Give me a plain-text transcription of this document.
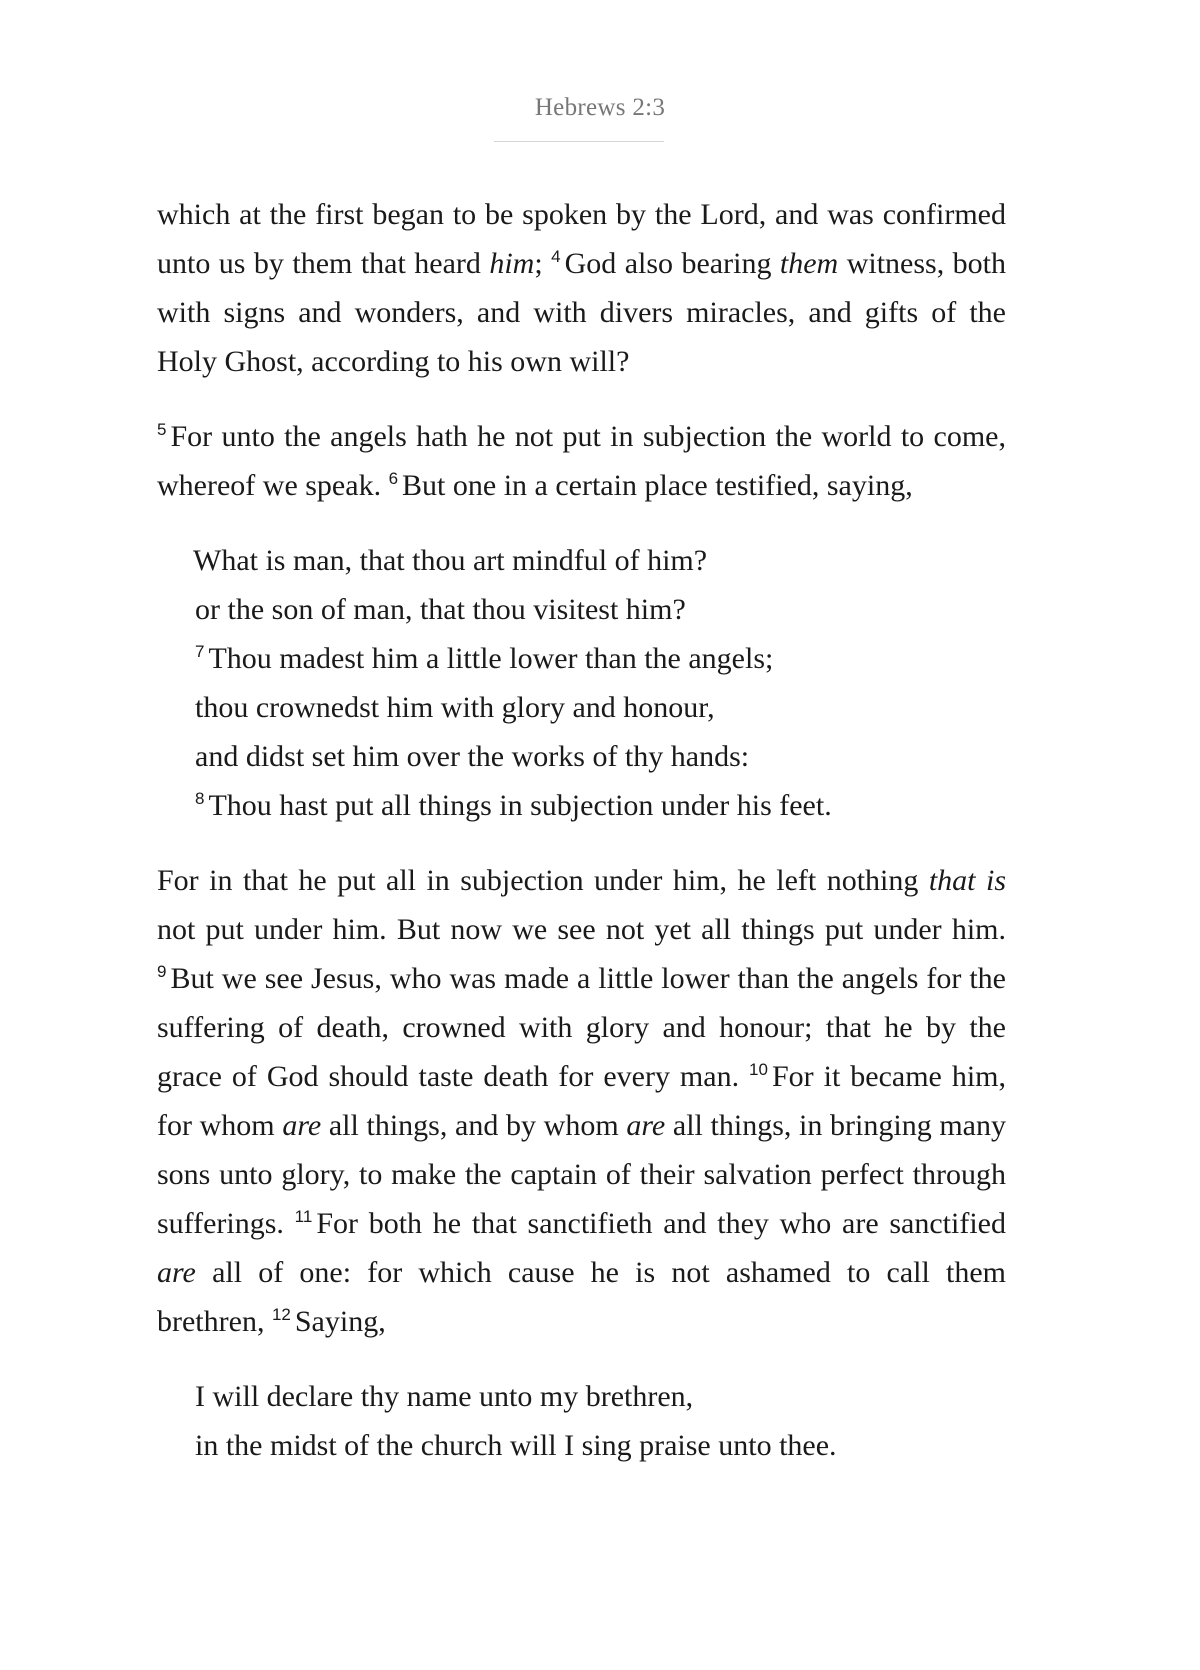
Hebrews 2:3

which at the first began to be spoken by the Lord, and was confirmed unto us by them that heard him; $^4$ God also bearing them witness, both with signs and wonders, and with divers miracles, and gifts of the Holy Ghost, according to his own will?

$^5$ For unto the angels hath he not put in subjection the world to come, whereof we speak. $^6$ But one in a certain place testified, saying,

What is man, that thou art mindful of him?
or the son of man, that thou visitest him?
$^7$ Thou madest him a little lower than the angels;
thou crownedst him with glory and honour,
and didst set him over the works of thy hands:
$^8$ Thou hast put all things in subjection under his feet.

For in that he put all in subjection under him, he left nothing that is not put under him. But now we see not yet all things put under him. $^9$ But we see Jesus, who was made a little lower than the angels for the suffering of death, crowned with glory and honour; that he by the grace of God should taste death for every man. $^{10}$ For it became him, for whom are all things, and by whom are all things, in bringing many sons unto glory, to make the captain of their salvation perfect through sufferings. $^{11}$ For both he that sanctifieth and they who are sanctified are all of one: for which cause he is not ashamed to call them brethren, $^{12}$ Saying,

I will declare thy name unto my brethren,
in the midst of the church will I sing praise unto thee.
